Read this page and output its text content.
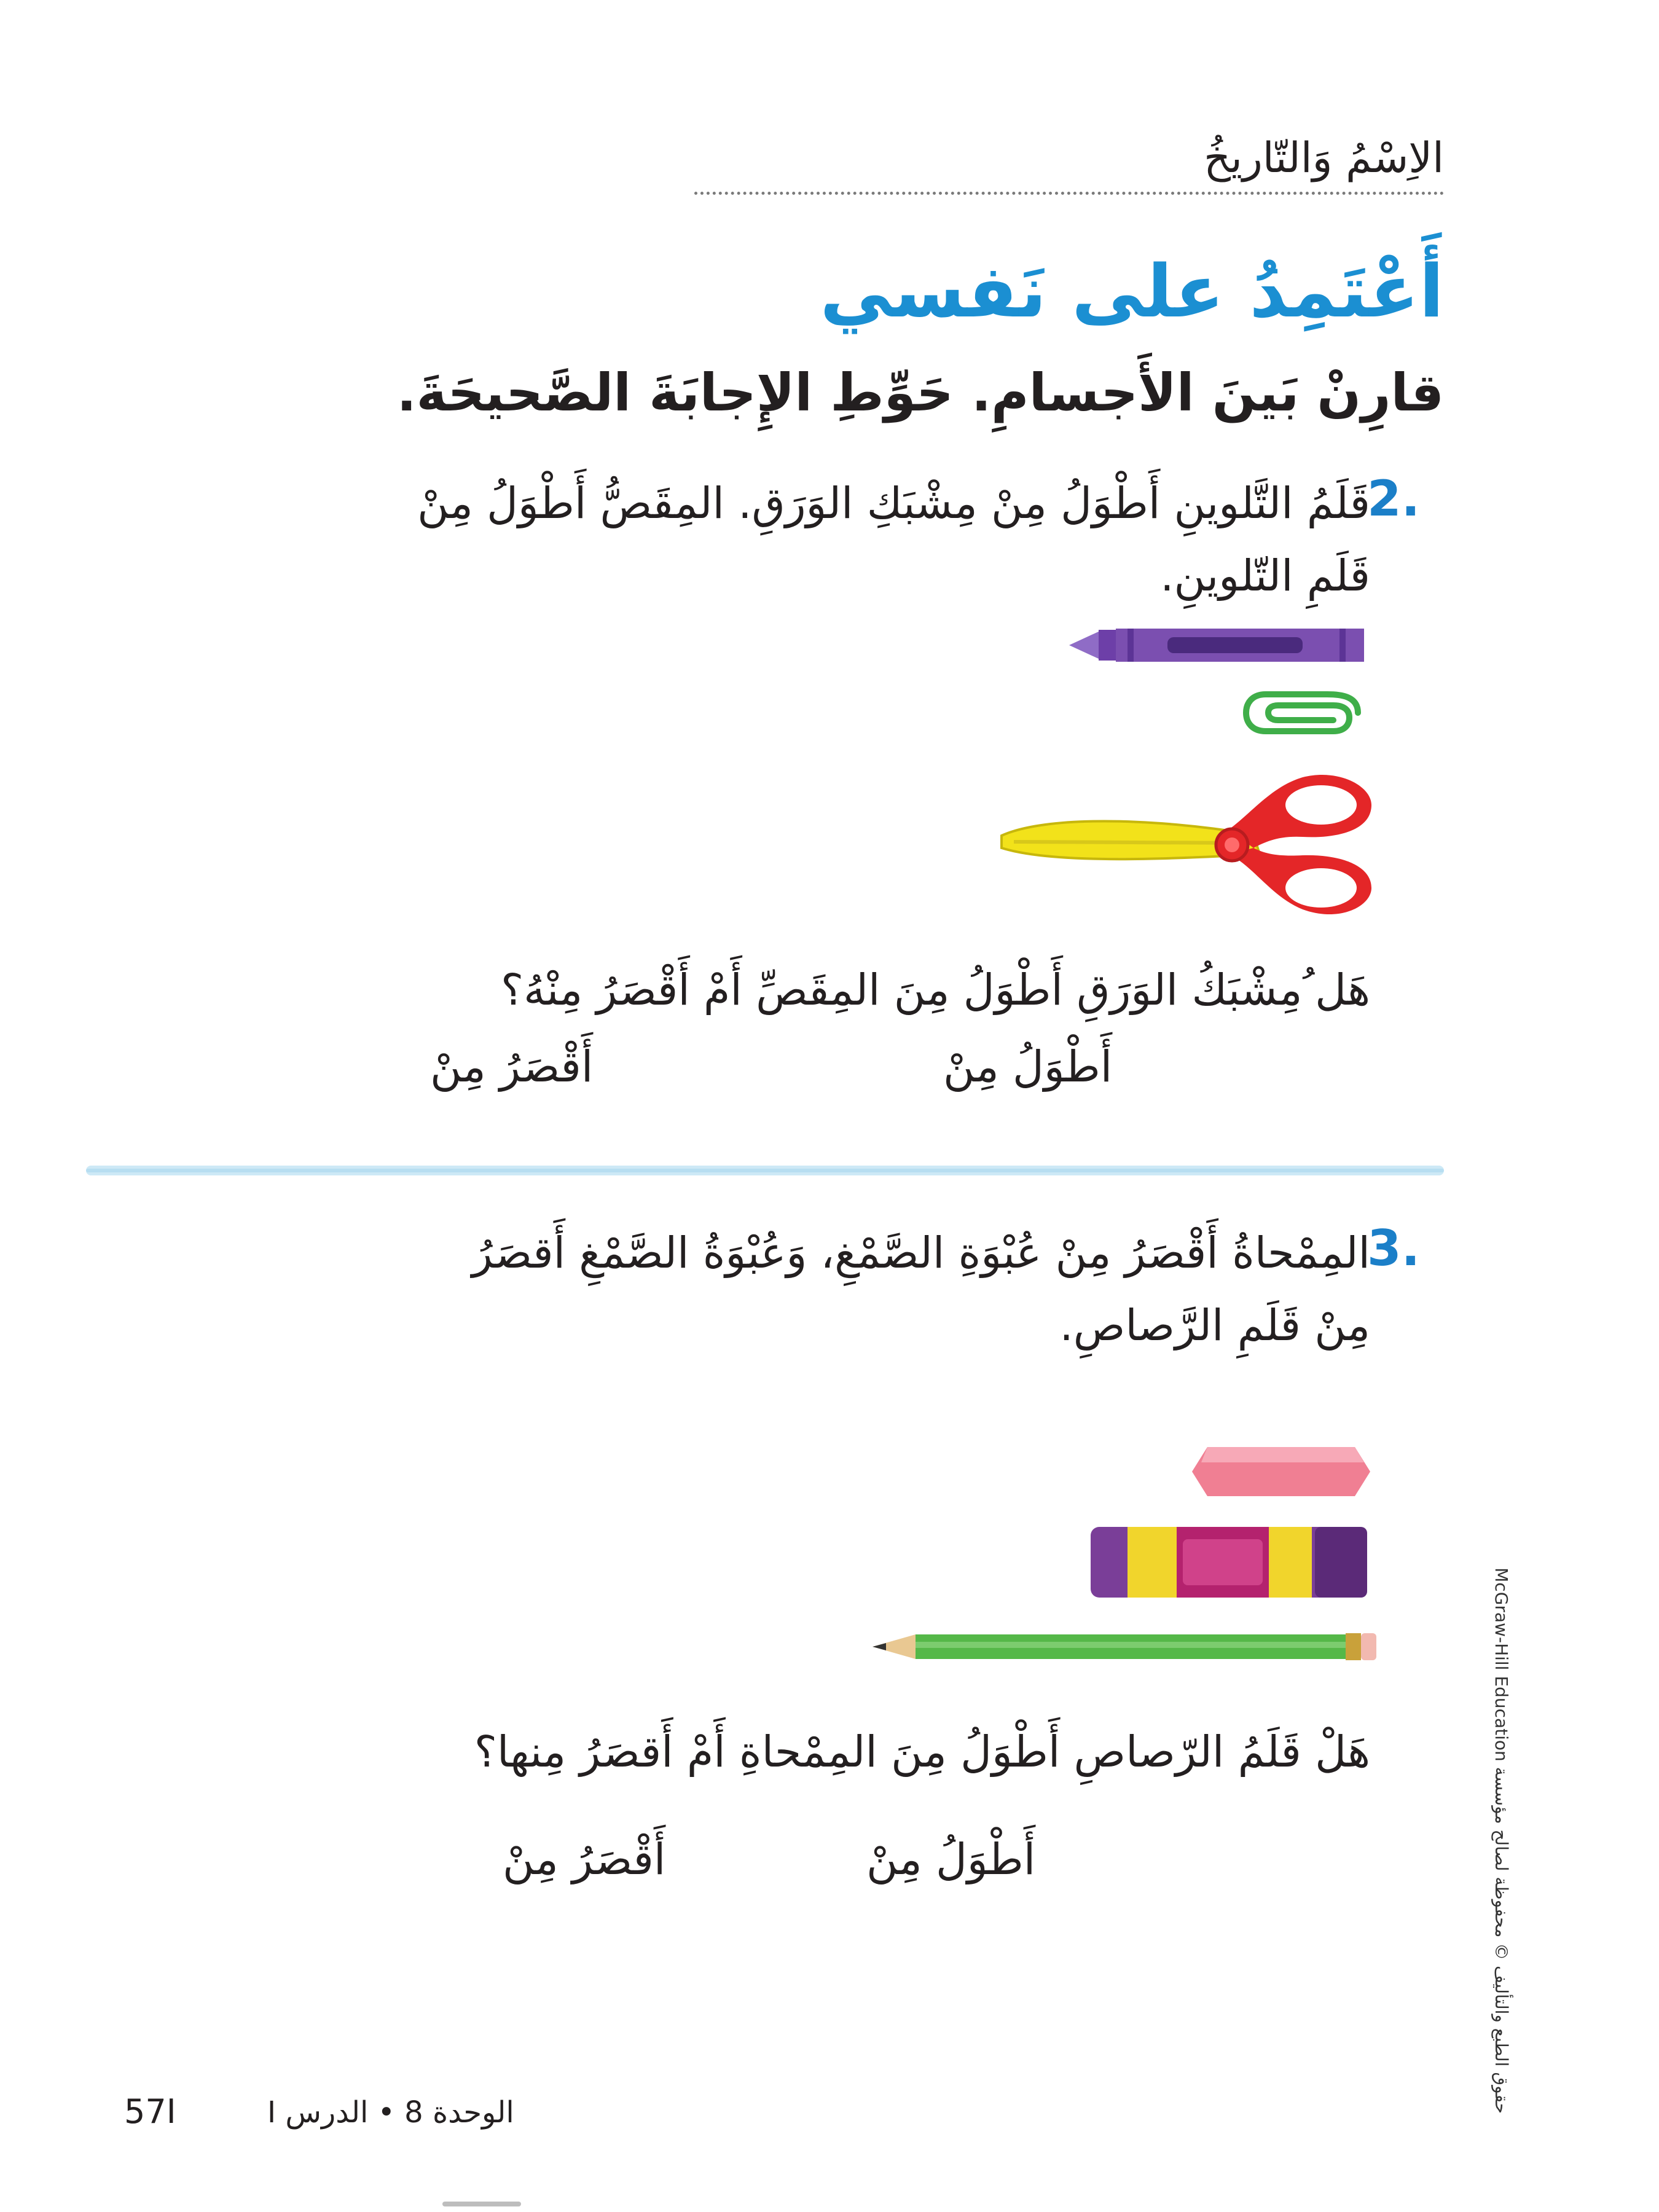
الاِسْمُ وَالتّاريخُ
أَعْتَمِدُ على نَفسي
قارِنْ بَينَ الأَجسامِ. حَوِّطِ الإِجابَةَ الصَّحيحَةَ.
2.
قَلَمُ التَّلوينِ أَطْوَلُ مِنْ مِشْبَكِ الوَرَقِ. المِقَصُّ أَطْوَلُ مِنْ قَلَمِ التّلوينِ.
هَل ُمِشْبَكُ الوَرَقِ أَطْوَلُ مِنَ المِقَصِّ أَمْ أَقْصَرُ مِنْهُ؟
أَطْوَلُ مِنْ
أَقْصَرُ مِنْ
3.
المِمْحاةُ أَقْصَرُ مِنْ عُبْوَةِ الصَّمْغِ، وَعُبْوَةُ الصَّمْغِ أَقصَرُ مِنْ قَلَمِ الرَّصاصِ.
هَلْ قَلَمُ الرّصاصِ أَطْوَلُ مِنَ المِمْحاةِ أَمْ أَقصَرُ مِنها؟
أَطْوَلُ مِنْ
أَقْصَرُ مِنْ
حقوق الطبع والتأليف © محفوظة لصالح مؤسسة McGraw-Hill Education
57I	الوحدة 8 • الدرس I
